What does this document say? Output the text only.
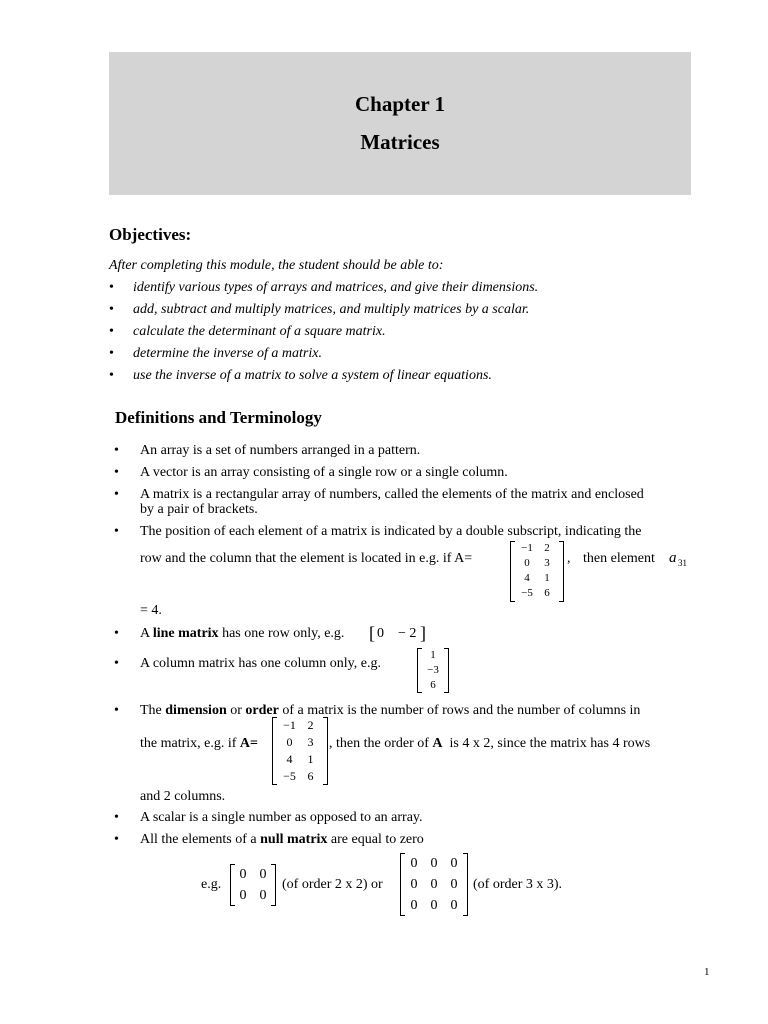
Chapter 1
Matrices
Objectives:
After completing this module, the student should be able to:
• identify various types of arrays and matrices, and give their dimensions.
• add, subtract and multiply matrices, and multiply matrices by a scalar.
• calculate the determinant of a square matrix.
• determine the inverse of a matrix.
• use the inverse of a matrix to solve a system of linear equations.
Definitions and Terminology
• An array is a set of numbers arranged in a pattern.
• A vector is an array consisting of a single row or a single column.
• A matrix is a rectangular array of numbers, called the elements of the matrix and enclosed
by a pair of brackets.
• The position of each element of a matrix is indicated by a double subscript, indicating the
row and the column that the element is located in e.g. if A=
−1	2
0	3
4	1
−5	6
, then element a 31
= 4.
• A line matrix has one row only, e.g. [ 0 − 2 ]
• A column matrix has one column only, e.g.
1
−3
6
• The dimension or order of a matrix is the number of rows and the number of columns in
the matrix, e.g. if A=
−1 2
0	3
4	1
−5 6
, then the order of A is 4 x 2, since the matrix has 4 rows
and 2 columns.
• A scalar is a single number as opposed to an array.
• All the elements of a null matrix are equal to zero
e.g.
0 0
0 0
(of order 2 x 2) or
0 0 0
0 0 0
0 0 0
(of order 3 x 3).
1
